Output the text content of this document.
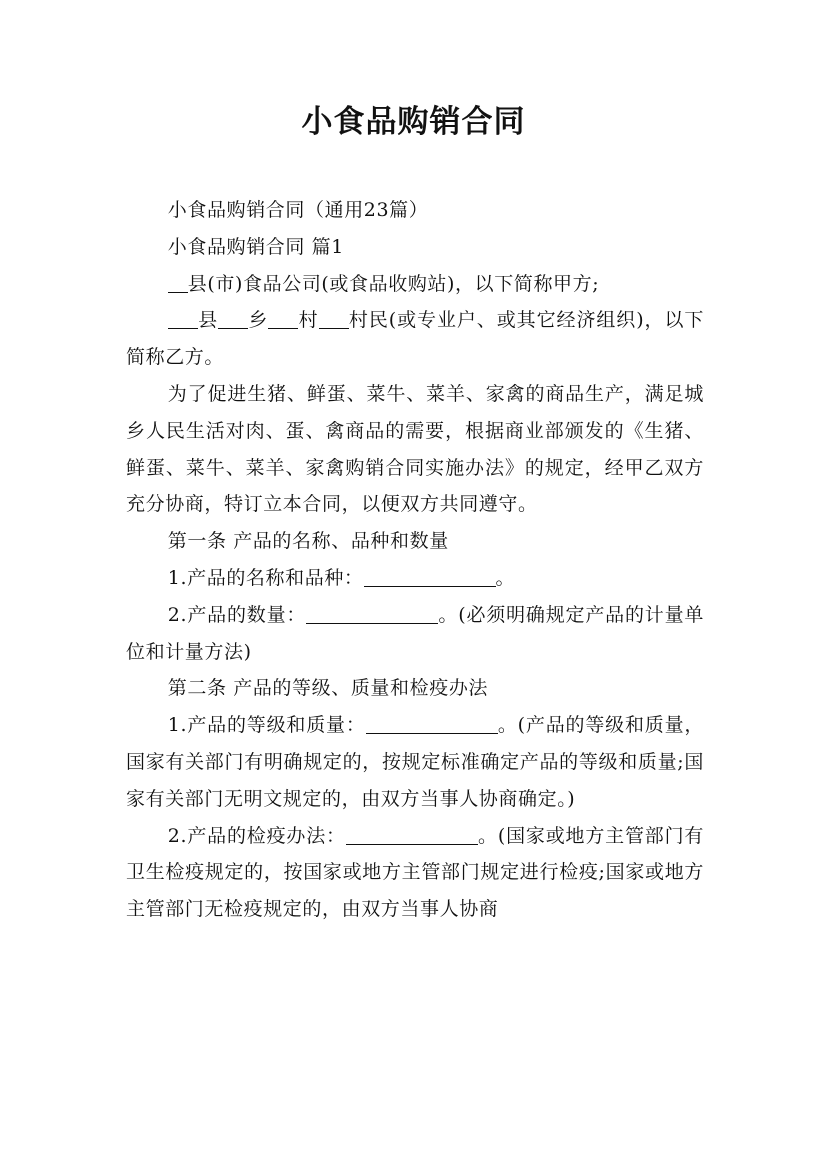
小食品购销合同

小食品购销合同（通用23篇）

小食品购销合同 篇1

县(市)食品公司(或食品收购站)，以下简称甲方;

县 乡 村 村民(或专业户、或其它经济组织)，以下简称乙方。

为了促进生猪、鲜蛋、菜牛、菜羊、家禽的商品生产，满足城乡人民生活对肉、蛋、禽商品的需要，根据商业部颁发的《生猪、鲜蛋、菜牛、菜羊、家禽购销合同实施办法》的规定，经甲乙双方充分协商，特订立本合同，以便双方共同遵守。

第一条 产品的名称、品种和数量

1.产品的名称和品种：	。

2.产品的数量：	。(必须明确规定产品的计量单位和计量方法)

第二条 产品的等级、质量和检疫办法

1.产品的等级和质量：	。(产品的等级和质量，国家有关部门有明确规定的，按规定标准确定产品的等级和质量;国家有关部门无明文规定的，由双方当事人协商确定。)

2.产品的检疫办法：	。(国家或地方主管部门有卫生检疫规定的，按国家或地方主管部门规定进行检疫;国家或地方主管部门无检疫规定的，由双方当事人协商
